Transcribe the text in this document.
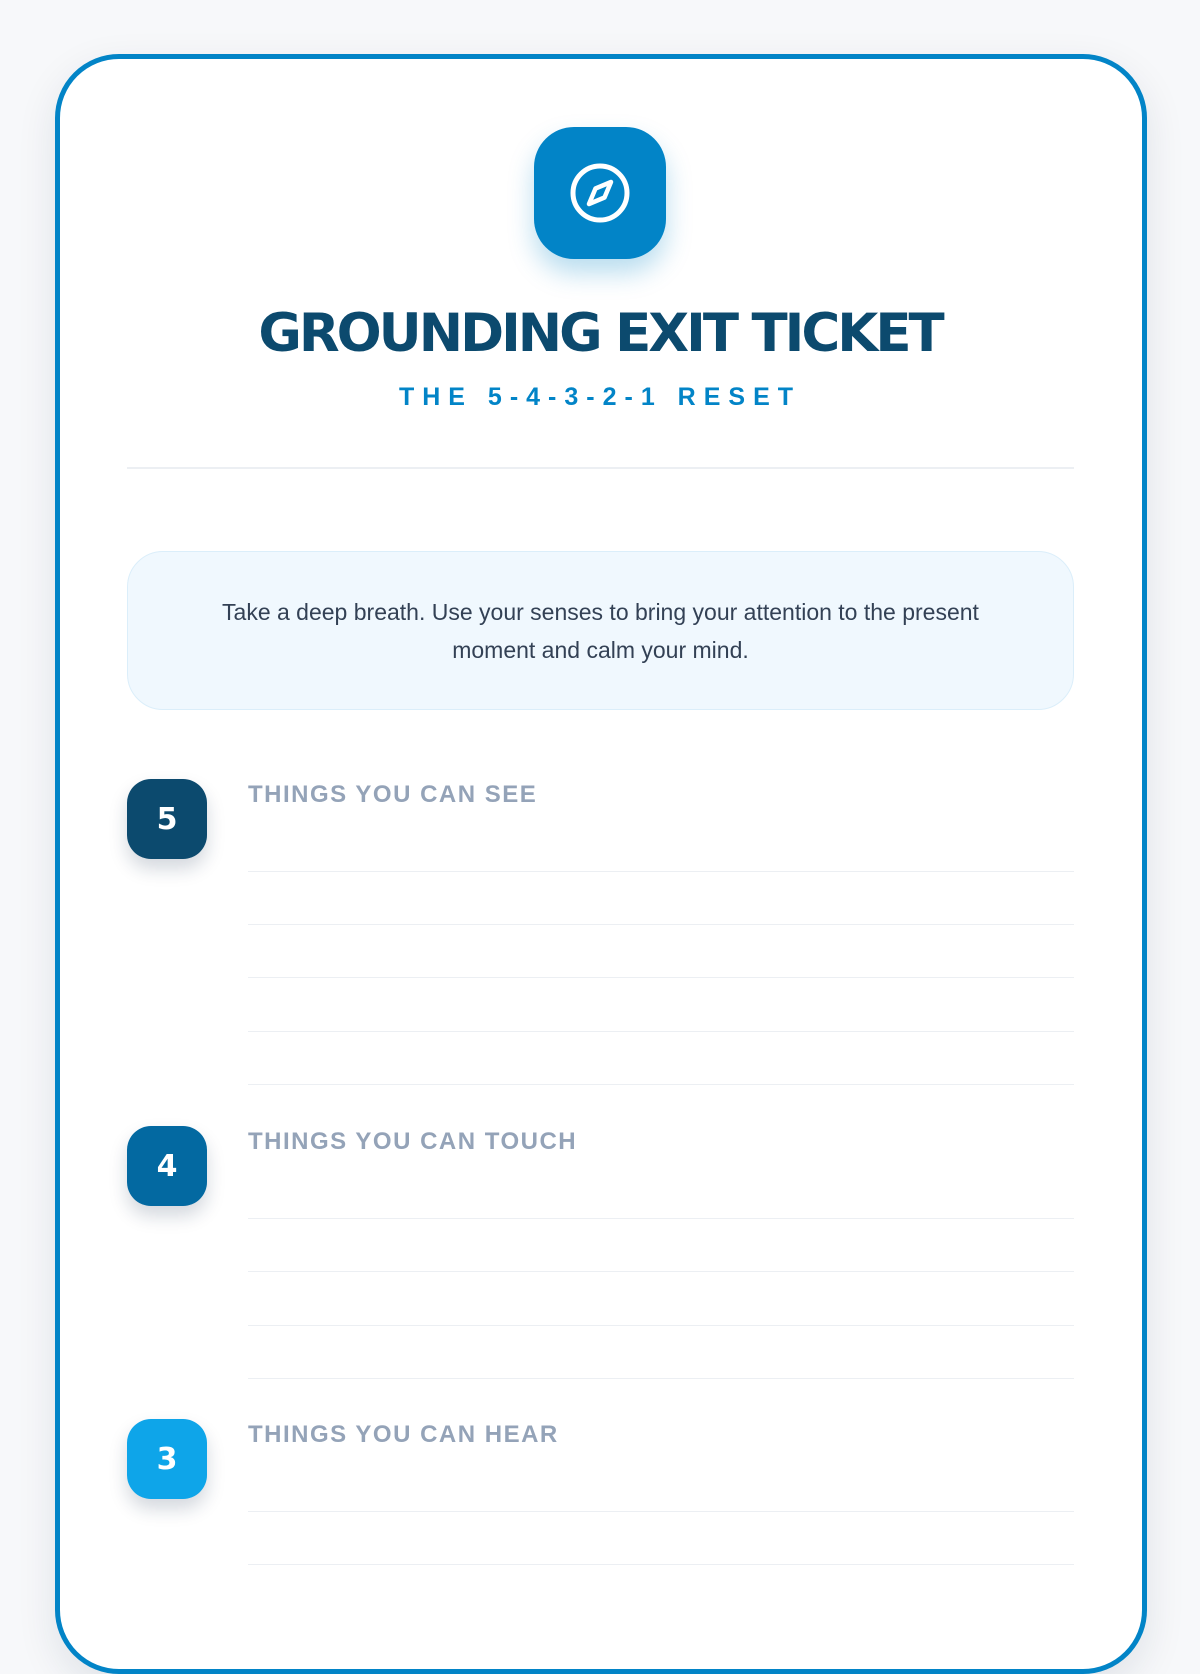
GROUNDING EXIT TICKET
THE 5-4-3-2-1 RESET

Take a deep breath. Use your senses to bring your attention to the present moment and calm your mind.

5
THINGS YOU CAN SEE
4
THINGS YOU CAN TOUCH
3
THINGS YOU CAN HEAR
